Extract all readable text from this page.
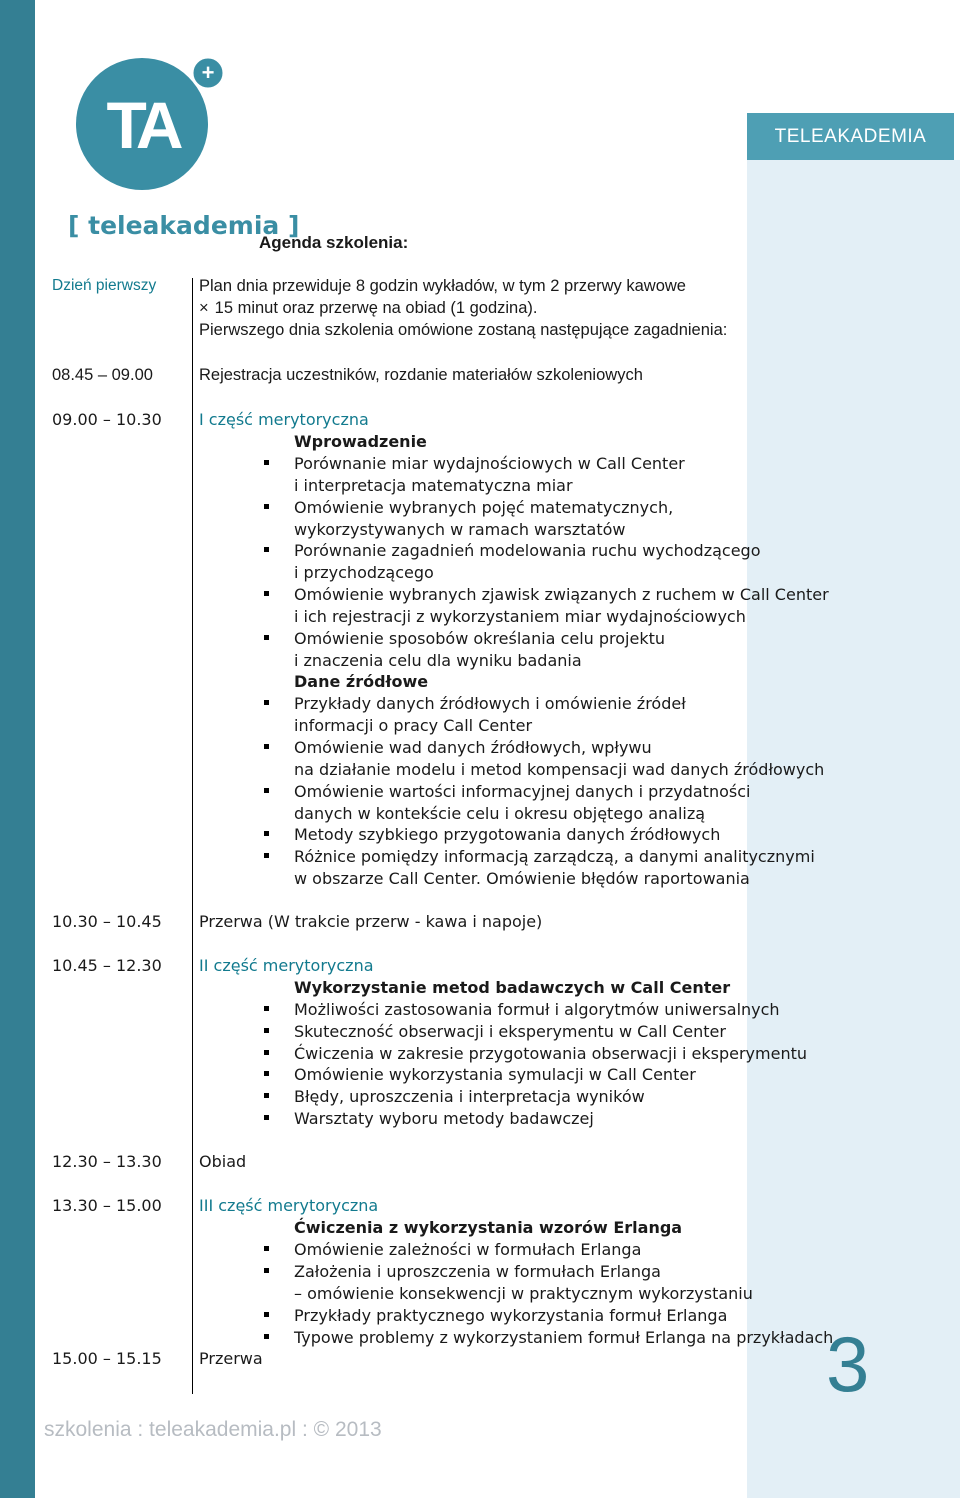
TELEAKADEMIA
+
TA
[ teleakademia ]
Agenda szkolenia:
Dzień pierwszy	Plan dnia przewiduje 8 godzin wykładów, w tym 2 przerwy kawowe
× 15 minut oraz przerwę na obiad (1 godzina).
Pierwszego dnia szkolenia omówione zostaną następujące zagadnienia:
08.45 – 09.00	Rejestracja uczestników, rozdanie materiałów szkoleniowych
09.00 – 10.30 I część merytoryczna
Wprowadzenie
Porównanie miar wydajnościowych w Call Center
i interpretacja matematyczna miar
Omówienie wybranych pojęć matematycznych,
wykorzystywanych w ramach warsztatów
Porównanie zagadnień modelowania ruchu wychodzącego
i przychodzącego
Omówienie wybranych zjawisk związanych z ruchem w Call Center
i ich rejestracji z wykorzystaniem miar wydajnościowych
Omówienie sposobów określania celu projektu
i znaczenia celu dla wyniku badania
Dane źródłowe
Przykłady danych źródłowych i omówienie źródeł
informacji o pracy Call Center
Omówienie wad danych źródłowych, wpływu
na działanie modelu i metod kompensacji wad danych źródłowych
Omówienie wartości informacyjnej danych i przydatności
danych w kontekście celu i okresu objętego analizą
Metody szybkiego przygotowania danych źródłowych
Różnice pomiędzy informacją zarządczą, a danymi analitycznymi
w obszarze Call Center. Omówienie błędów raportowania
10.30 – 10.45 Przerwa (W trakcie przerw - kawa i napoje)
10.45 – 12.30 II część merytoryczna
Wykorzystanie metod badawczych w Call Center
Możliwości zastosowania formuł i algorytmów uniwersalnych
Skuteczność obserwacji i eksperymentu w Call Center
Ćwiczenia w zakresie przygotowania obserwacji i eksperymentu
Omówienie wykorzystania symulacji w Call Center
Błędy, uproszczenia i interpretacja wyników
Warsztaty wyboru metody badawczej
12.30 – 13.30 Obiad
13.30 – 15.00 III część merytoryczna
Ćwiczenia z wykorzystania wzorów Erlanga
Omówienie zależności w formułach Erlanga
Założenia i uproszczenia w formułach Erlanga
– omówienie konsekwencji w praktycznym wykorzystaniu
Przykłady praktycznego wykorzystania formuł Erlanga
Typowe problemy z wykorzystaniem formuł Erlanga na przykładach
15.00 – 15.15 Przerwa	3
szkolenia : teleakademia.pl : © 2013
